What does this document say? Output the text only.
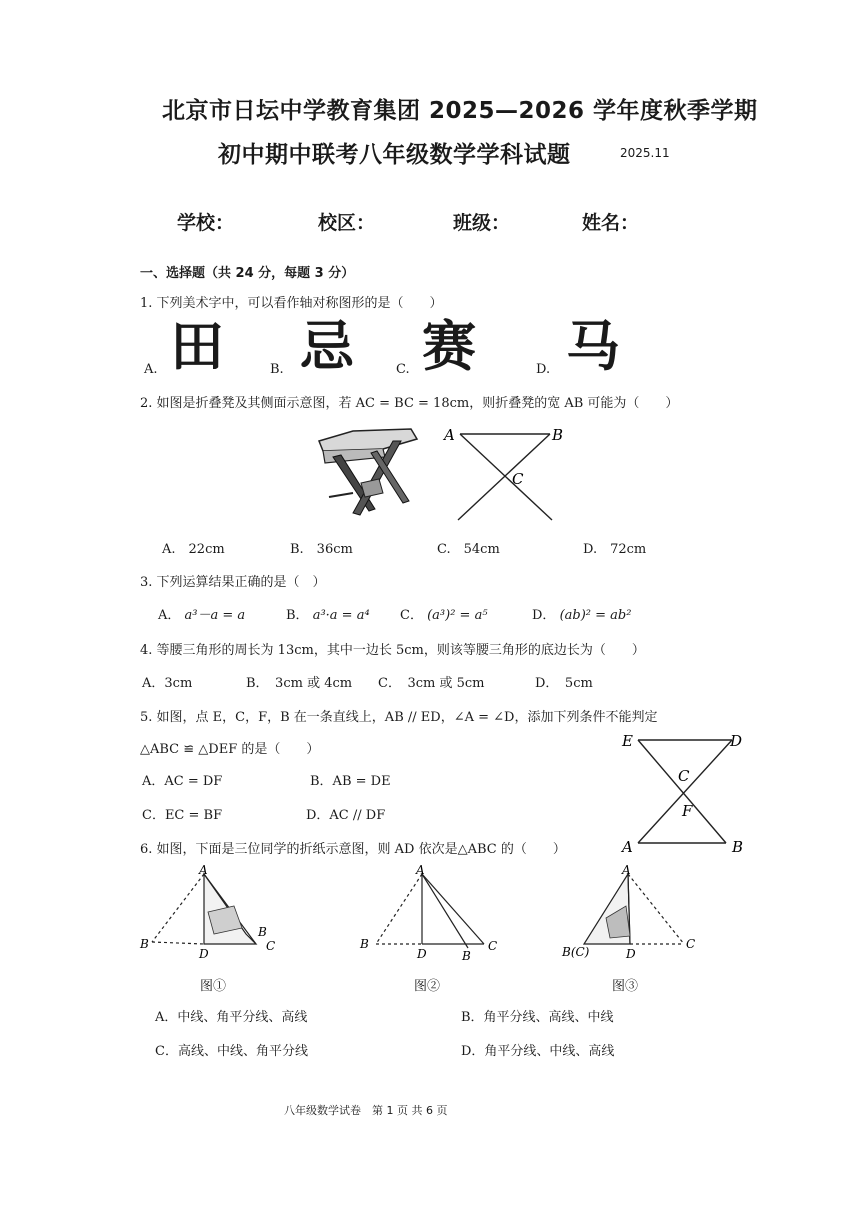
北京市日坛中学教育集团 2025—2026 学年度秋季学期
初中期中联考八年级数学学科试题	2025.11
学校：	校区：	班级：	姓名：
一、选择题（共 24 分，每题 3 分）
1. 下列美术字中，可以看作轴对称图形的是（　　）
A. 田	B. 忌	C. 赛	D. 马
2. 如图是折叠凳及其侧面示意图，若 AC = BC = 18cm，则折叠凳的宽 AB 可能为（　　）
A	B
C
A.　22cm	B.　36cm	C.　54cm	D.　72cm
3. 下列运算结果正确的是（　）
A． a³－a = a	B． a³·a = a⁴ C． (a³)² = a⁵	D． (ab)² = ab²
4. 等腰三角形的周长为 13cm，其中一边长 5cm，则该等腰三角形的底边长为（　　）
A．3cm	B．　3cm 或 4cm C．　3cm 或 5cm	D．　5cm
5. 如图，点 E，C，F，B 在一条直线上，AB // ED，∠A = ∠D，添加下列条件不能判定
△ABC ≌ △DEF 的是（　　）
A．AC = DF	B．AB = DE
C．EC = BF	D．AC // DF
E	D
C
F
A	B
6. 如图，下面是三位同学的折纸示意图，则 AD 依次是△ABC 的（　　）
A
B
D
B
C
图①
A
B
D	B
C
图②
A
B(C)	D
C
图③
A．中线、角平分线、高线	B．角平分线、高线、中线
C．高线、中线、角平分线	D．角平分线、中线、高线
八年级数学试卷　第 1 页 共 6 页
